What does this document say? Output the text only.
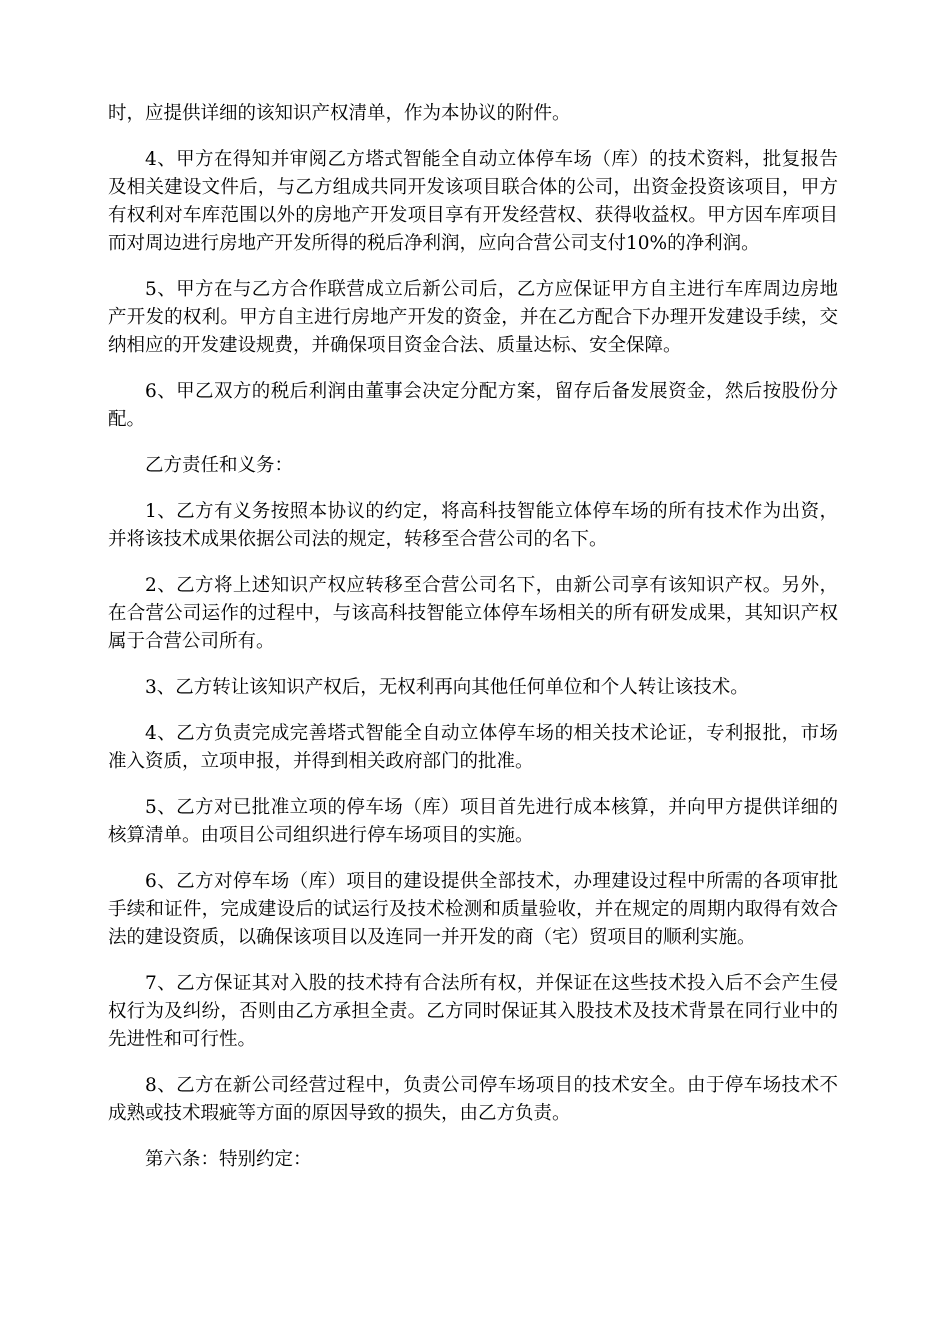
时，应提供详细的该知识产权清单，作为本协议的附件。

4、甲方在得知并审阅乙方塔式智能全自动立体停车场（库）的技术资料，批复报告及相关建设文件后，与乙方组成共同开发该项目联合体的公司，出资金投资该项目，甲方有权利对车库范围以外的房地产开发项目享有开发经营权、获得收益权。甲方因车库项目而对周边进行房地产开发所得的税后净利润，应向合营公司支付10%的净利润。

5、甲方在与乙方合作联营成立后新公司后，乙方应保证甲方自主进行车库周边房地产开发的权利。甲方自主进行房地产开发的资金，并在乙方配合下办理开发建设手续，交纳相应的开发建设规费，并确保项目资金合法、质量达标、安全保障。

6、甲乙双方的税后利润由董事会决定分配方案，留存后备发展资金，然后按股份分配。

乙方责任和义务：

1、乙方有义务按照本协议的约定，将高科技智能立体停车场的所有技术作为出资，并将该技术成果依据公司法的规定，转移至合营公司的名下。

2、乙方将上述知识产权应转移至合营公司名下，由新公司享有该知识产权。另外，在合营公司运作的过程中，与该高科技智能立体停车场相关的所有研发成果，其知识产权属于合营公司所有。

3、乙方转让该知识产权后，无权利再向其他任何单位和个人转让该技术。

4、乙方负责完成完善塔式智能全自动立体停车场的相关技术论证，专利报批，市场准入资质，立项申报，并得到相关政府部门的批准。

5、乙方对已批准立项的停车场（库）项目首先进行成本核算，并向甲方提供详细的核算清单。由项目公司组织进行停车场项目的实施。

6、乙方对停车场（库）项目的建设提供全部技术，办理建设过程中所需的各项审批手续和证件，完成建设后的试运行及技术检测和质量验收，并在规定的周期内取得有效合法的建设资质，以确保该项目以及连同一并开发的商（宅）贸项目的顺利实施。

7、乙方保证其对入股的技术持有合法所有权，并保证在这些技术投入后不会产生侵权行为及纠纷，否则由乙方承担全责。乙方同时保证其入股技术及技术背景在同行业中的先进性和可行性。

8、乙方在新公司经营过程中，负责公司停车场项目的技术安全。由于停车场技术不成熟或技术瑕疵等方面的原因导致的损失，由乙方负责。

第六条：特别约定：
